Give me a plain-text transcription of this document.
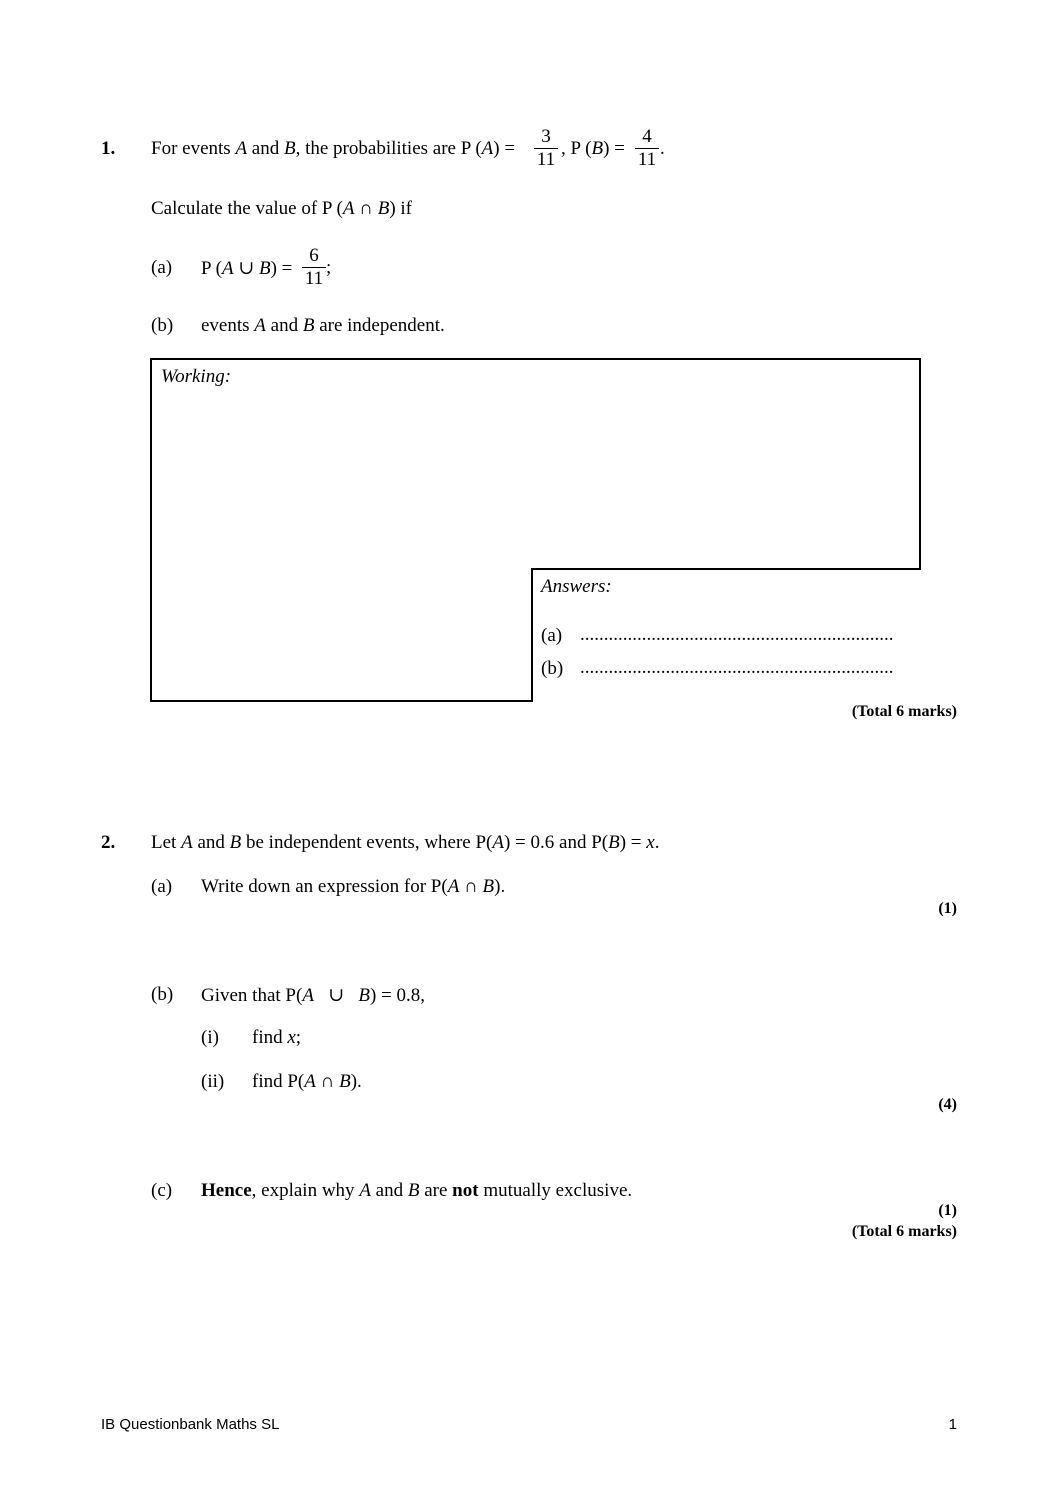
1. For events A and B, the probabilities are P (A) =
3
11
, P (B) =
4
11
.
Calculate the value of P (A ∩ B) if
(a) P (A ∪ B) =
6
11
;
(b) events A and B are independent.
Working:
Answers:
(a) ..................................................................
(b) ..................................................................
(Total 6 marks)
2. Let A and B be independent events, where P(A) = 0.6 and P(B) = x.
(a) Write down an expression for P(A ∩ B).
(1)
(b) Given that P(A ∪ B) = 0.8,
(i) find x;
(ii) find P(A ∩ B).
(4)
(c) Hence, explain why A and B are not mutually exclusive.
(1)
(Total 6 marks)
IB Questionbank Maths SL	1
